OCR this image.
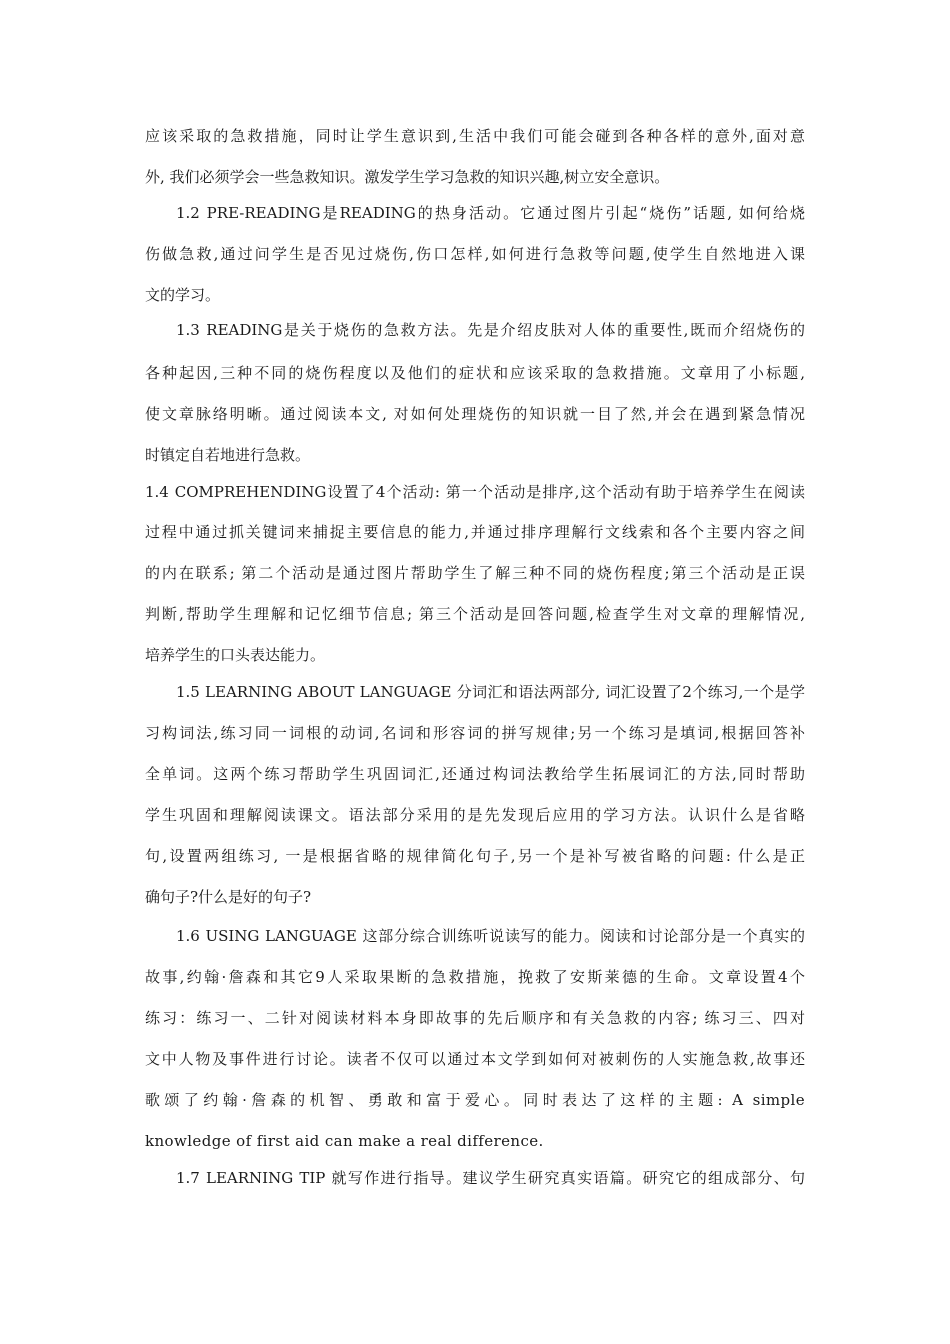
应该采取的急救措施，同时让学生意识到,生活中我们可能会碰到各种各样的意外,面对意
外, 我们必须学会一些急救知识。激发学生学习急救的知识兴趣,树立安全意识。
1.2 PRE-READING是READING的热身活动。它通过图片引起“烧伤”话题, 如何给烧
伤做急救,通过问学生是否见过烧伤,伤口怎样,如何进行急救等问题,使学生自然地进入课
文的学习。
1.3 READING是关于烧伤的急救方法。先是介绍皮肤对人体的重要性,既而介绍烧伤的
各种起因,三种不同的烧伤程度以及他们的症状和应该采取的急救措施。文章用了小标题,
使文章脉络明晰。通过阅读本文, 对如何处理烧伤的知识就一目了然,并会在遇到紧急情况
时镇定自若地进行急救。
1.4 COMPREHENDING设置了4个活动: 第一个活动是排序,这个活动有助于培养学生在阅读
过程中通过抓关键词来捕捉主要信息的能力,并通过排序理解行文线索和各个主要内容之间
的内在联系; 第二个活动是通过图片帮助学生了解三种不同的烧伤程度;第三个活动是正误
判断,帮助学生理解和记忆细节信息; 第三个活动是回答问题,检查学生对文章的理解情况,
培养学生的口头表达能力。
1.5 LEARNING ABOUT LANGUAGE 分词汇和语法两部分, 词汇设置了2个练习,一个是学
习构词法,练习同一词根的动词,名词和形容词的拼写规律;另一个练习是填词,根据回答补
全单词。这两个练习帮助学生巩固词汇,还通过构词法教给学生拓展词汇的方法,同时帮助
学生巩固和理解阅读课文。语法部分采用的是先发现后应用的学习方法。认识什么是省略
句,设置两组练习, 一是根据省略的规律简化句子,另一个是补写被省略的问题: 什么是正
确句子?什么是好的句子?
1.6 USING LANGUAGE 这部分综合训练听说读写的能力。阅读和讨论部分是一个真实的
故事,约翰·詹森和其它9人采取果断的急救措施，挽救了安斯莱德的生命。文章设置4个
练习：练习一、二针对阅读材料本身即故事的先后顺序和有关急救的内容; 练习三、四对
文中人物及事件进行讨论。读者不仅可以通过本文学到如何对被刺伤的人实施急救,故事还
歌颂了约翰·詹森的机智、勇敢和富于爱心。同时表达了这样的主题: A simple
knowledge of first aid can make a real difference.
1.7 LEARNING TIP 就写作进行指导。建议学生研究真实语篇。研究它的组成部分、句
